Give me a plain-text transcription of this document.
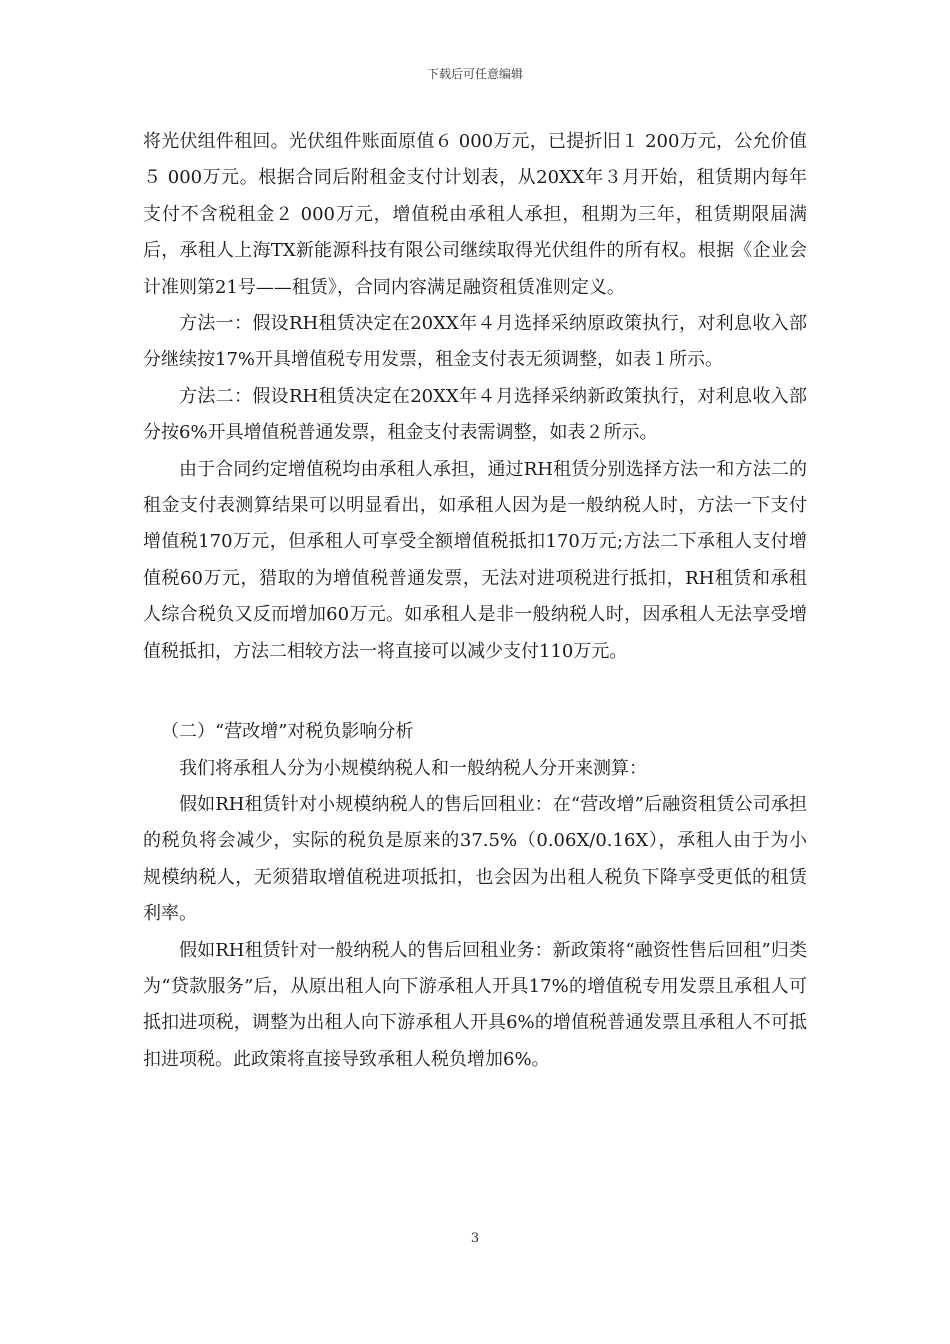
下载后可任意编辑

将光伏组件租回。光伏组件账面原值６ 000万元，已提折旧１ 200万元，公允价值５ 000万元。根据合同后附租金支付计划表，从20XX年３月开始，租赁期内每年支付不含税租金２ 000万元，增值税由承租人承担，租期为三年，租赁期限届满后，承租人上海TX新能源科技有限公司继续取得光伏组件的所有权。根据《企业会计准则第21号——租赁》，合同内容满足融资租赁准则定义。

方法一：假设RH租赁决定在20XX年４月选择采纳原政策执行，对利息收入部分继续按17%开具增值税专用发票，租金支付表无须调整，如表１所示。

方法二：假设RH租赁决定在20XX年４月选择采纳新政策执行，对利息收入部分按6%开具增值税普通发票，租金支付表需调整，如表２所示。

由于合同约定增值税均由承租人承担，通过RH租赁分别选择方法一和方法二的租金支付表测算结果可以明显看出，如承租人因为是一般纳税人时，方法一下支付增值税170万元，但承租人可享受全额增值税抵扣170万元;方法二下承租人支付增值税60万元，猎取的为增值税普通发票，无法对进项税进行抵扣，RH租赁和承租人综合税负又反而增加60万元。如承租人是非一般纳税人时，因承租人无法享受增值税抵扣，方法二相较方法一将直接可以减少支付110万元。

（二）“营改增”对税负影响分析

我们将承租人分为小规模纳税人和一般纳税人分开来测算：

假如RH租赁针对小规模纳税人的售后回租业：在“营改增”后融资租赁公司承担的税负将会减少，实际的税负是原来的37.5%（0.06X/0.16X），承租人由于为小规模纳税人，无须猎取增值税进项抵扣，也会因为出租人税负下降享受更低的租赁利率。

假如RH租赁针对一般纳税人的售后回租业务：新政策将“融资性售后回租”归类为“贷款服务”后，从原出租人向下游承租人开具17%的增值税专用发票且承租人可抵扣进项税，调整为出租人向下游承租人开具6%的增值税普通发票且承租人不可抵扣进项税。此政策将直接导致承租人税负增加6%。

3
